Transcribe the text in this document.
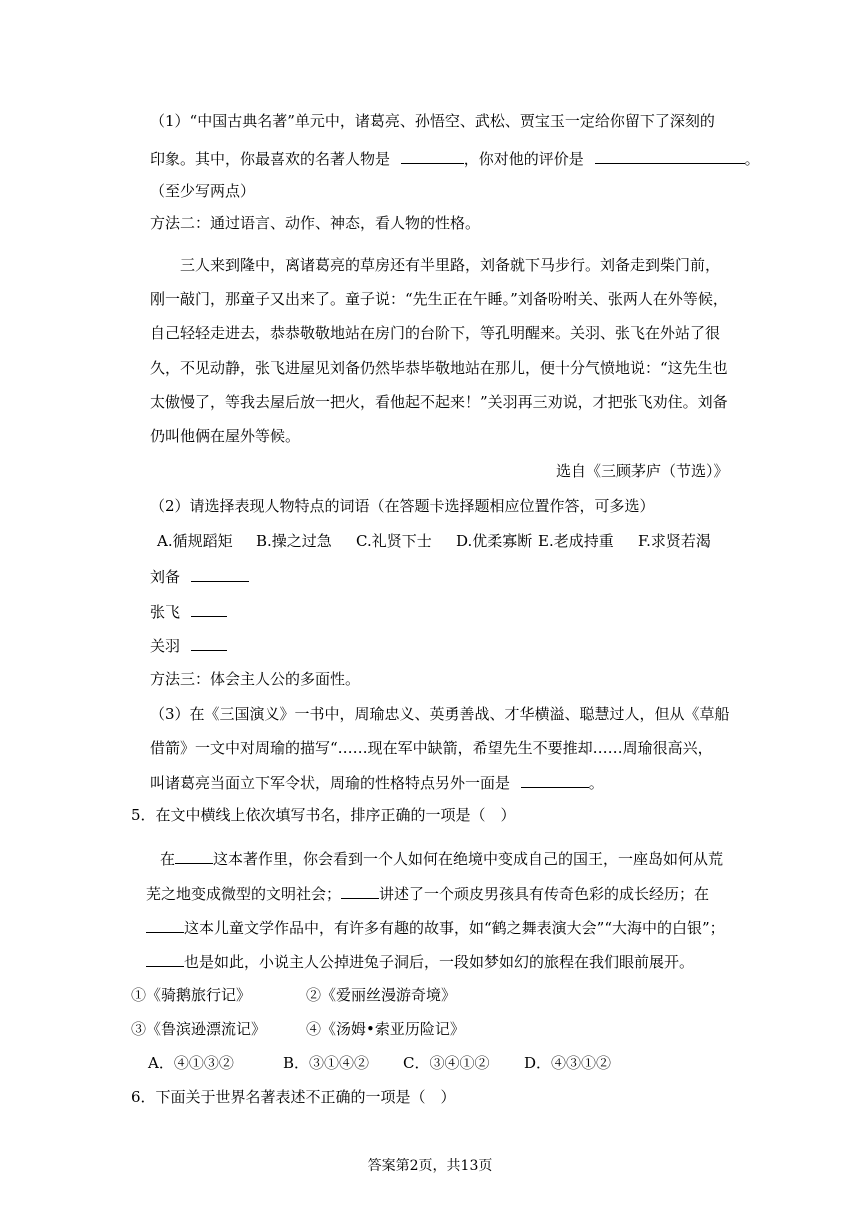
（1）“中国古典名著”单元中，诸葛亮、孙悟空、武松、贾宝玉一定给你留下了深刻的
印象。其中，你最喜欢的名著人物是	，你对他的评价是	。
（至少写两点）
方法二：通过语言、动作、神态，看人物的性格。
三人来到隆中，离诸葛亮的草房还有半里路，刘备就下马步行。刘备走到柴门前，
刚一敲门，那童子又出来了。童子说：“先生正在午睡。”刘备吩咐关、张两人在外等候，
自己轻轻走进去，恭恭敬敬地站在房门的台阶下，等孔明醒来。关羽、张飞在外站了很
久，不见动静，张飞进屋见刘备仍然毕恭毕敬地站在那儿，便十分气愤地说：“这先生也
太傲慢了，等我去屋后放一把火，看他起不起来！”关羽再三劝说，才把张飞劝住。刘备
仍叫他俩在屋外等候。
选自《三顾茅庐（节选）》
（2）请选择表现人物特点的词语（在答题卡选择题相应位置作答，可多选）
A.循规蹈矩 B.操之过急 C.礼贤下士 D.优柔寡断 E.老成持重 F.求贤若渴
刘备
张飞
关羽
方法三：体会主人公的多面性。
（3）在《三国演义》一书中，周瑜忠义、英勇善战、才华横溢、聪慧过人，但从《草船
借箭》一文中对周瑜的描写“……现在军中缺箭，希望先生不要推却……周瑜很高兴，
叫诸葛亮当面立下军令状，周瑜的性格特点另外一面是	。
5．在文中横线上依次填写书名，排序正确的一项是（　）
在	这本著作里，你会看到一个人如何在绝境中变成自己的国王，一座岛如何从荒
芜之地变成微型的文明社会；	讲述了一个顽皮男孩具有传奇色彩的成长经历；在
这本儿童文学作品中，有许多有趣的故事，如“鹤之舞表演大会”“大海中的白银”；
也是如此，小说主人公掉进兔子洞后，一段如梦如幻的旅程在我们眼前展开。
①《骑鹅旅行记》	②《爱丽丝漫游奇境》
③《鲁滨逊漂流记》	④《汤姆•索亚历险记》
A．④①③②	B．③①④② C．③④①② D．④③①②
6．下面关于世界名著表述不正确的一项是（　）
答案第2页，共13页
